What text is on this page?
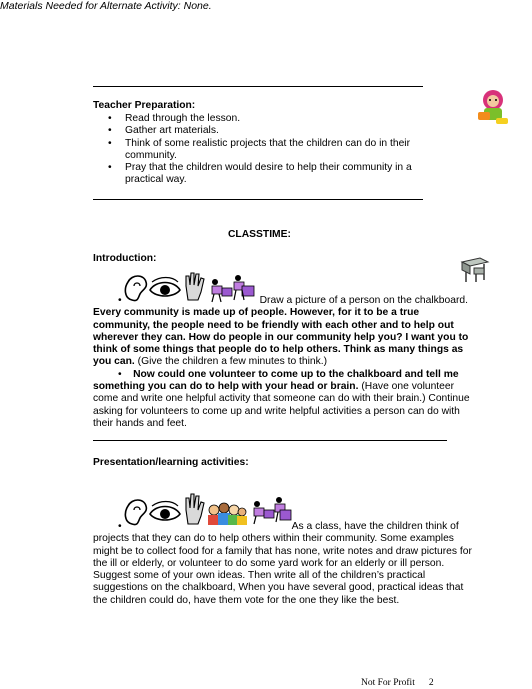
Materials Needed for Alternate Activity: None.
Teacher Preparation:
• Read through the lesson.
• Gather art materials.
• Think of some realistic projects that the children can do in their community.
• Pray that the children would desire to help their community in a practical way.
CLASSTIME:
Introduction:

•	Draw a picture of a person on the chalkboard. Every community is made up of people. However, for it to be a true community, the people need to be friendly with each other and to help out wherever they can. How do people in our community help you? I want you to think of some things that people do to help others. Think as many things as you can. (Give the children a few minutes to think.)

• Now could one volunteer to come up to the chalkboard and tell me something you can do to help with your head or brain. (Have one volunteer come and write one helpful activity that someone can do with their brain.) Continue asking for volunteers to come up and write helpful activities a person can do with their hands and feet.

Presentation/learning activities:

•	As a class, have the children think of projects that they can do to help others within their community. Some examples might be to collect food for a family that has none, write notes and draw pictures for the ill or elderly, or volunteer to do some yard work for an elderly or ill person. Suggest some of your own ideas. Then write all of the children’s practical suggestions on the chalkboard, When you have several good, practical ideas that the children could do, have them vote for the one they like the best.

Not For Profit 2
